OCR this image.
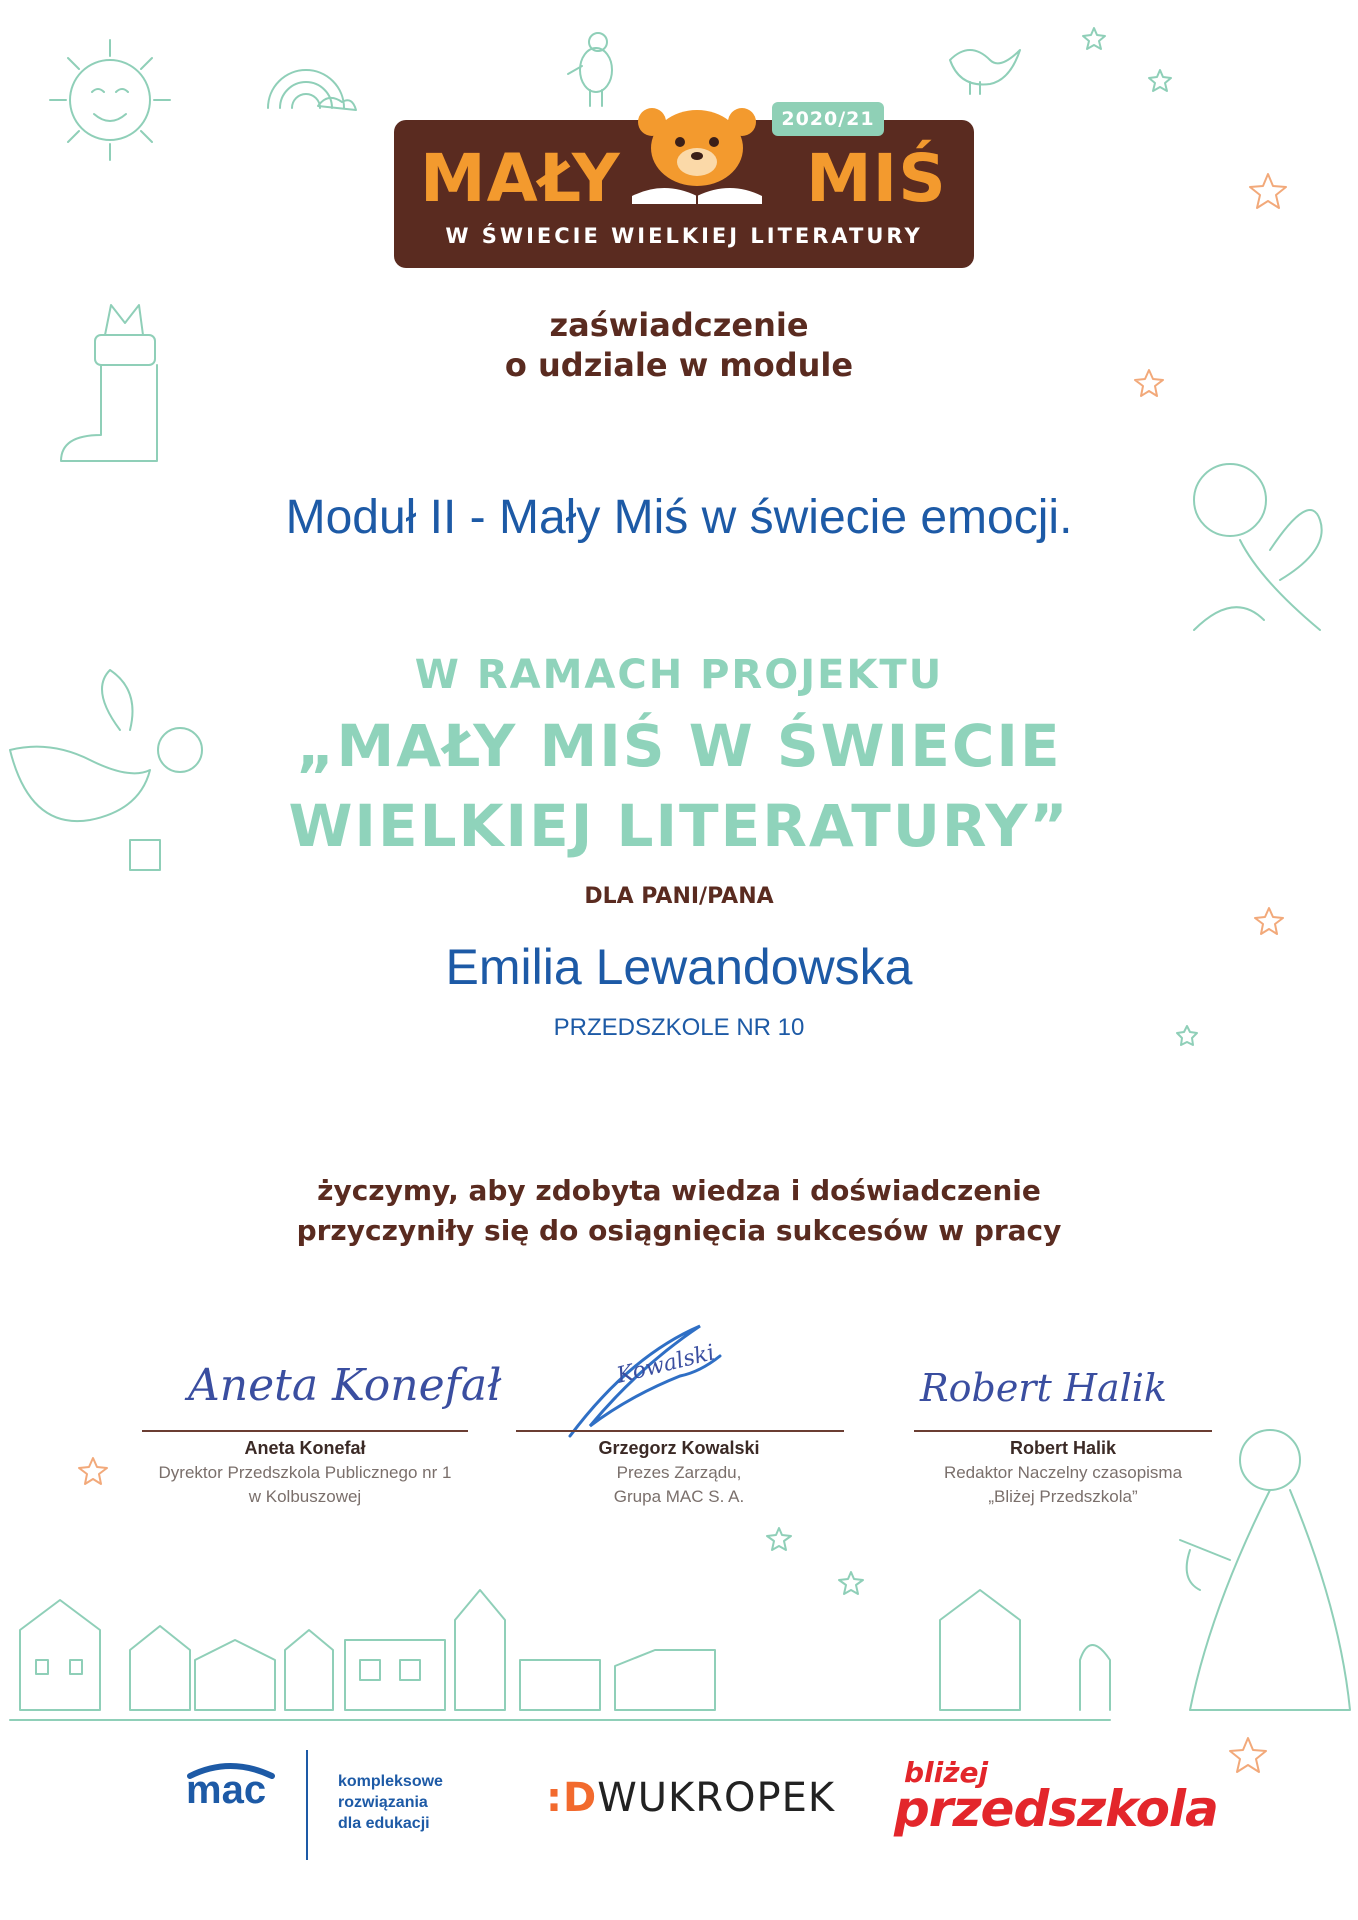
2020/21
MAŁY	MIŚ
W ŚWIECIE WIELKIEJ LITERATURY
zaświadczenie
o udziale w module
Moduł II - Mały Miś w świecie emocji.
W RAMACH PROJEKTU
„MAŁY MIŚ W ŚWIECIE
WIELKIEJ LITERATURY”
DLA PANI/PANA
Emilia Lewandowska
PRZEDSZKOLE NR 10
życzymy, aby zdobyta wiedza i doświadczenie
przyczyniły się do osiągnięcia sukcesów w pracy
Aneta Konefał
Aneta Konefał
Dyrektor Przedszkola Publicznego nr 1
w Kolbuszowej
Kowalski
Grzegorz Kowalski
Prezes Zarządu,
Grupa MAC S. A.
Robert Halik
Robert Halik
Redaktor Naczelny czasopisma
„Bliżej Przedszkola”
mac	kompleksowe
rozwiązania
dla edukacji
:DWUKROPEK
bliżej
przedszkola
